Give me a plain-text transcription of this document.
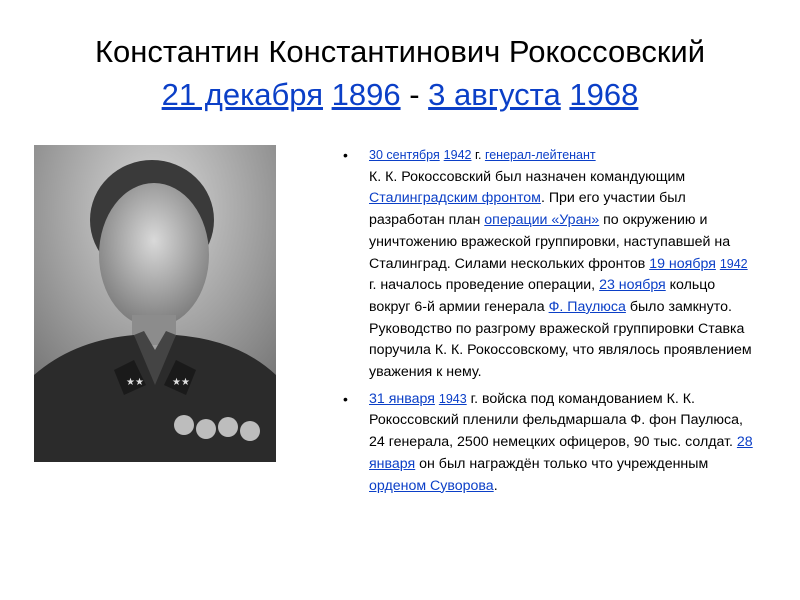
Константин Константинович Рокоссовский
21 декабря 1896 - 3 августа 1968
★★	★★
• 30 сентября 1942 г. генерал-лейтенант
К. К. Рокоссовский был назначен командующим Сталинградским фронтом. При его участии был разработан план операции «Уран» по окружению и уничтожению вражеской группировки, наступавшей на Сталинград. Силами нескольких фронтов 19 ноября 1942 г. началось проведение операции, 23 ноября кольцо вокруг 6-й армии генерала Ф. Паулюса было замкнуто. Руководство по разгрому вражеской группировки Ставка поручила К. К. Рокоссовскому, что являлось проявлением уважения к нему.
• 31 января 1943 г. войска под командованием К. К. Рокоссовский пленили фельдмаршала Ф. фон Паулюса, 24 генерала, 2500 немецких офицеров, 90 тыс. солдат. 28 января он был награждён только что учрежденным орденом Суворова.
